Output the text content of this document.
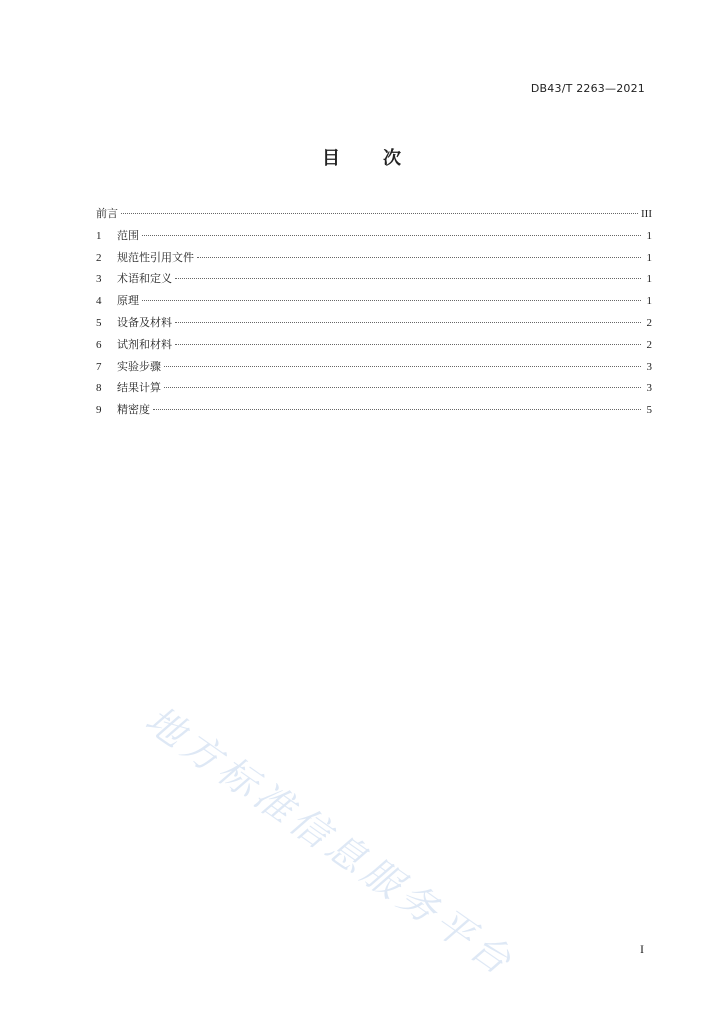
DB43/T 2263—2021
目 次
前言	III
1	范围	1
2	规范性引用文件	1
3	术语和定义	1
4	原理	1
5	设备及材料	2
6	试剂和材料	2
7	实验步骤	3
8	结果计算	3
9	精密度	5
地方标准信息服务平台	I
